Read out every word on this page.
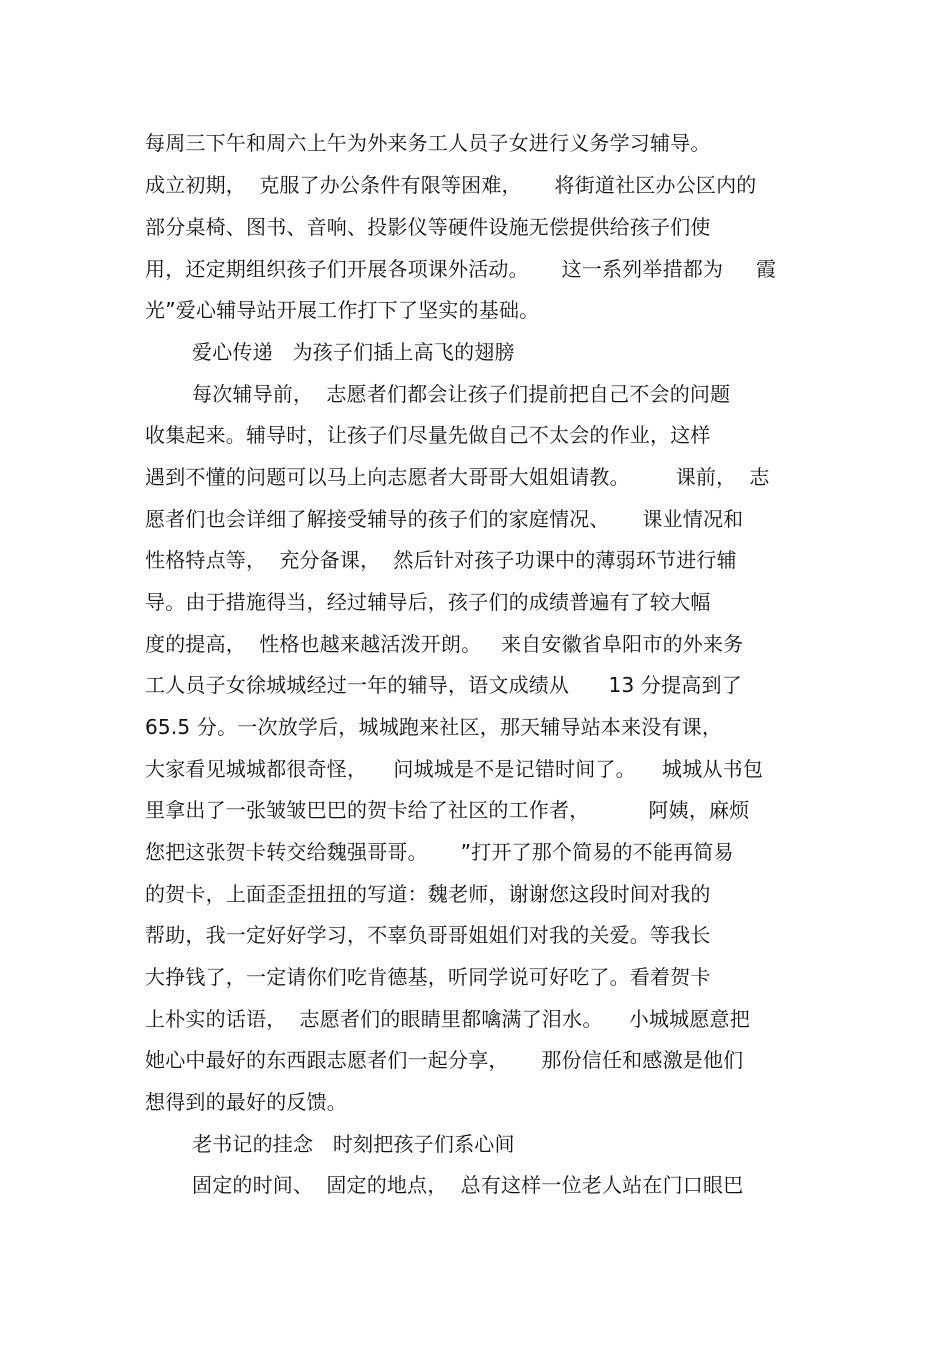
每周三下午和周六上午为外来务工人员子女进行义务学习辅导。
成立初期，  克服了办公条件有限等困难，     将街道社区办公区内的
部分桌椅、图书、音响、投影仪等硬件设施无偿提供给孩子们使
用，还定期组织孩子们开展各项课外活动。     这一系列举措都为     霞
光”爱心辅导站开展工作打下了坚实的基础。
爱心传递   为孩子们插上高飞的翅膀
每次辅导前，  志愿者们都会让孩子们提前把自己不会的问题
收集起来。辅导时，让孩子们尽量先做自己不太会的作业，这样
遇到不懂的问题可以马上向志愿者大哥哥大姐姐请教。       课前，  志
愿者们也会详细了解接受辅导的孩子们的家庭情况、     课业情况和
性格特点等，  充分备课，  然后针对孩子功课中的薄弱环节进行辅
导。由于措施得当，经过辅导后，孩子们的成绩普遍有了较大幅
度的提高，  性格也越来越活泼开朗。   来自安徽省阜阳市的外来务
工人员子女徐城城经过一年的辅导，语文成绩从      13 分提高到了
65.5 分。一次放学后，城城跑来社区，那天辅导站本来没有课，
大家看见城城都很奇怪，    问城城是不是记错时间了。    城城从书包
里拿出了一张皱皱巴巴的贺卡给了社区的工作者，         阿姨，麻烦
您把这张贺卡转交给魏强哥哥。     ”打开了那个简易的不能再简易
的贺卡，上面歪歪扭扭的写道：魏老师，谢谢您这段时间对我的
帮助，我一定好好学习，不辜负哥哥姐姐们对我的关爱。等我长
大挣钱了，一定请你们吃肯德基，听同学说可好吃了。看着贺卡
上朴实的话语，  志愿者们的眼睛里都噙满了泪水。    小城城愿意把
她心中最好的东西跟志愿者们一起分享，     那份信任和感激是他们
想得到的最好的反馈。
老书记的挂念   时刻把孩子们系心间
固定的时间、  固定的地点，  总有这样一位老人站在门口眼巴
